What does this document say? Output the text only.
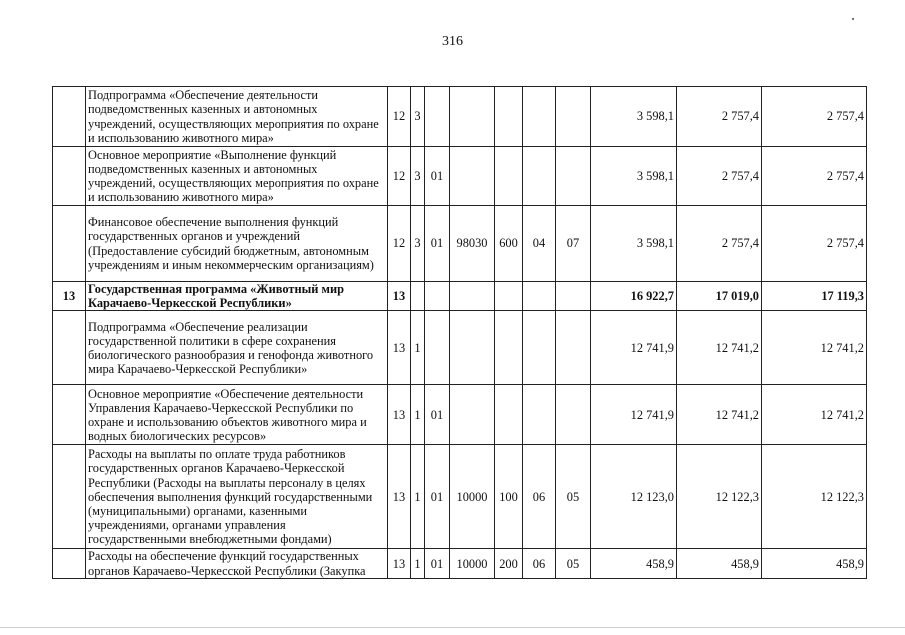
316
	Подпрограмма «Обеспечение деятельности подведомственных казенных и автономных учреждений, осуществляющих мероприятия по охране и использованию животного мира»	12	3						3 598,1	2 757,4	2 757,4
	Основное мероприятие «Выполнение функций подведомственных казенных и автономных учреждений, осуществляющих мероприятия по охране и использованию животного мира»	12	3	01					3 598,1	2 757,4	2 757,4
	Финансовое обеспечение выполнения функций государственных органов и учреждений (Предоставление субсидий бюджетным, автономным учреждениям и иным некоммерческим организациям)	12	3	01	98030	600	04	07	3 598,1	2 757,4	2 757,4
13	Государственная программа «Животный мир Карачаево-Черкесской Республики»	13							16 922,7	17 019,0	17 119,3
	Подпрограмма «Обеспечение реализации государственной политики в сфере сохранения биологического разнообразия и генофонда животного мира Карачаево-Черкесской Республики»	13	1						12 741,9	12 741,2	12 741,2
	Основное мероприятие «Обеспечение деятельности Управления Карачаево-Черкесской Республики по охране и использованию объектов животного мира и водных биологических ресурсов»	13	1	01					12 741,9	12 741,2	12 741,2
	Расходы на выплаты по оплате труда работников государственных органов Карачаево-Черкесской Республики (Расходы на выплаты персоналу в целях обеспечения выполнения функций государственными (муниципальными) органами, казенными учреждениями, органами управления государственными внебюджетными фондами)	13	1	01	10000	100	06	05	12 123,0	12 122,3	12 122,3
	Расходы на обеспечение функций государственных органов Карачаево-Черкесской Республики (Закупка	13	1	01	10000	200	06	05	458,9	458,9	458,9
